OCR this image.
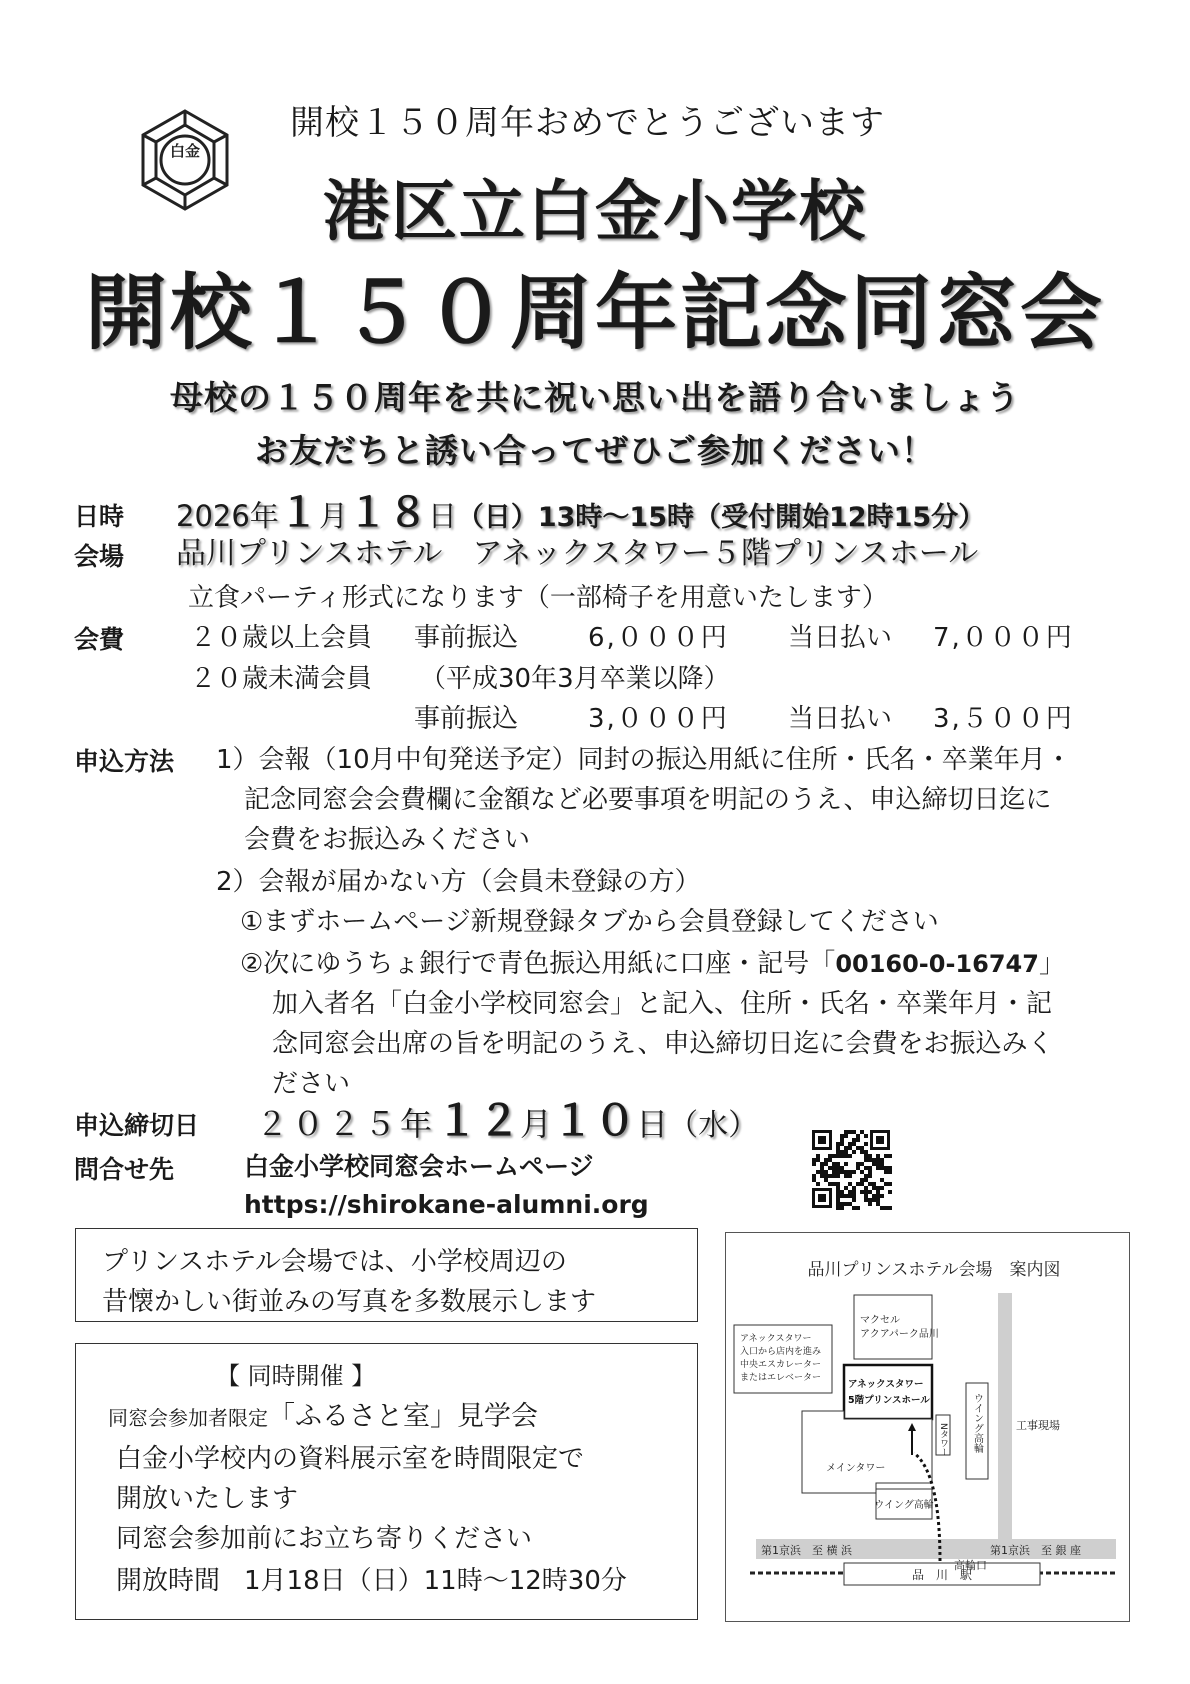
白金
開校１５０周年おめでとうございます
港区立白金小学校
開校１５０周年記念同窓会
母校の１５０周年を共に祝い思い出を語り合いましょう
お友だちと誘い合ってぜひご参加ください！
日時 2026年１月１８日（日）13時〜15時（受付開始12時15分）
会場 品川プリンスホテル　アネックスタワー５階プリンスホール
立食パーティ形式になります（一部椅子を用意いたします）
会費	２０歳以上会員 事前振込	6,０００円 当日払い 7,０００円
２０歳未満会員 （平成30年3月卒業以降）
事前振込	3,０００円 当日払い 3,５００円
申込方法 1）会報（10月中旬発送予定）同封の振込用紙に住所・氏名・卒業年月・
記念同窓会会費欄に金額など必要事項を明記のうえ、申込締切日迄に
会費をお振込みください
2）会報が届かない方（会員未登録の方）
①まずホームページ新規登録タブから会員登録してください
②次にゆうちょ銀行で青色振込用紙に口座・記号「00160-0-16747」
加入者名「白金小学校同窓会」と記入、住所・氏名・卒業年月・記
念同窓会出席の旨を明記のうえ、申込締切日迄に会費をお振込みく
ださい
申込締切日 ２０２５年１２月１０日（水）
問合せ先	白金小学校同窓会ホームページ
https://shirokane-alumni.org
プリンスホテル会場では、小学校周辺の
昔懐かしい街並みの写真を多数展示します
【 同時開催 】
同窓会参加者限定「ふるさと室」見学会
白金小学校内の資料展示室を時間限定で
開放いたします
同窓会参加前にお立ち寄りください
開放時間 1月18日（日）11時〜12時30分
品川プリンスホテル会場　案内図
第1京浜　至 横 浜	第1京浜　至 銀 座
品　川　駅
高輪口
マクセル
アクアパーク品川
アネックスタワー
入口から店内を進み
中央エスカレーター
またはエレベーター
アネックスタワー
5階プリンスホール
メインタワー
Nタワー ウイング高輪	工事現場
ウイング高輪
